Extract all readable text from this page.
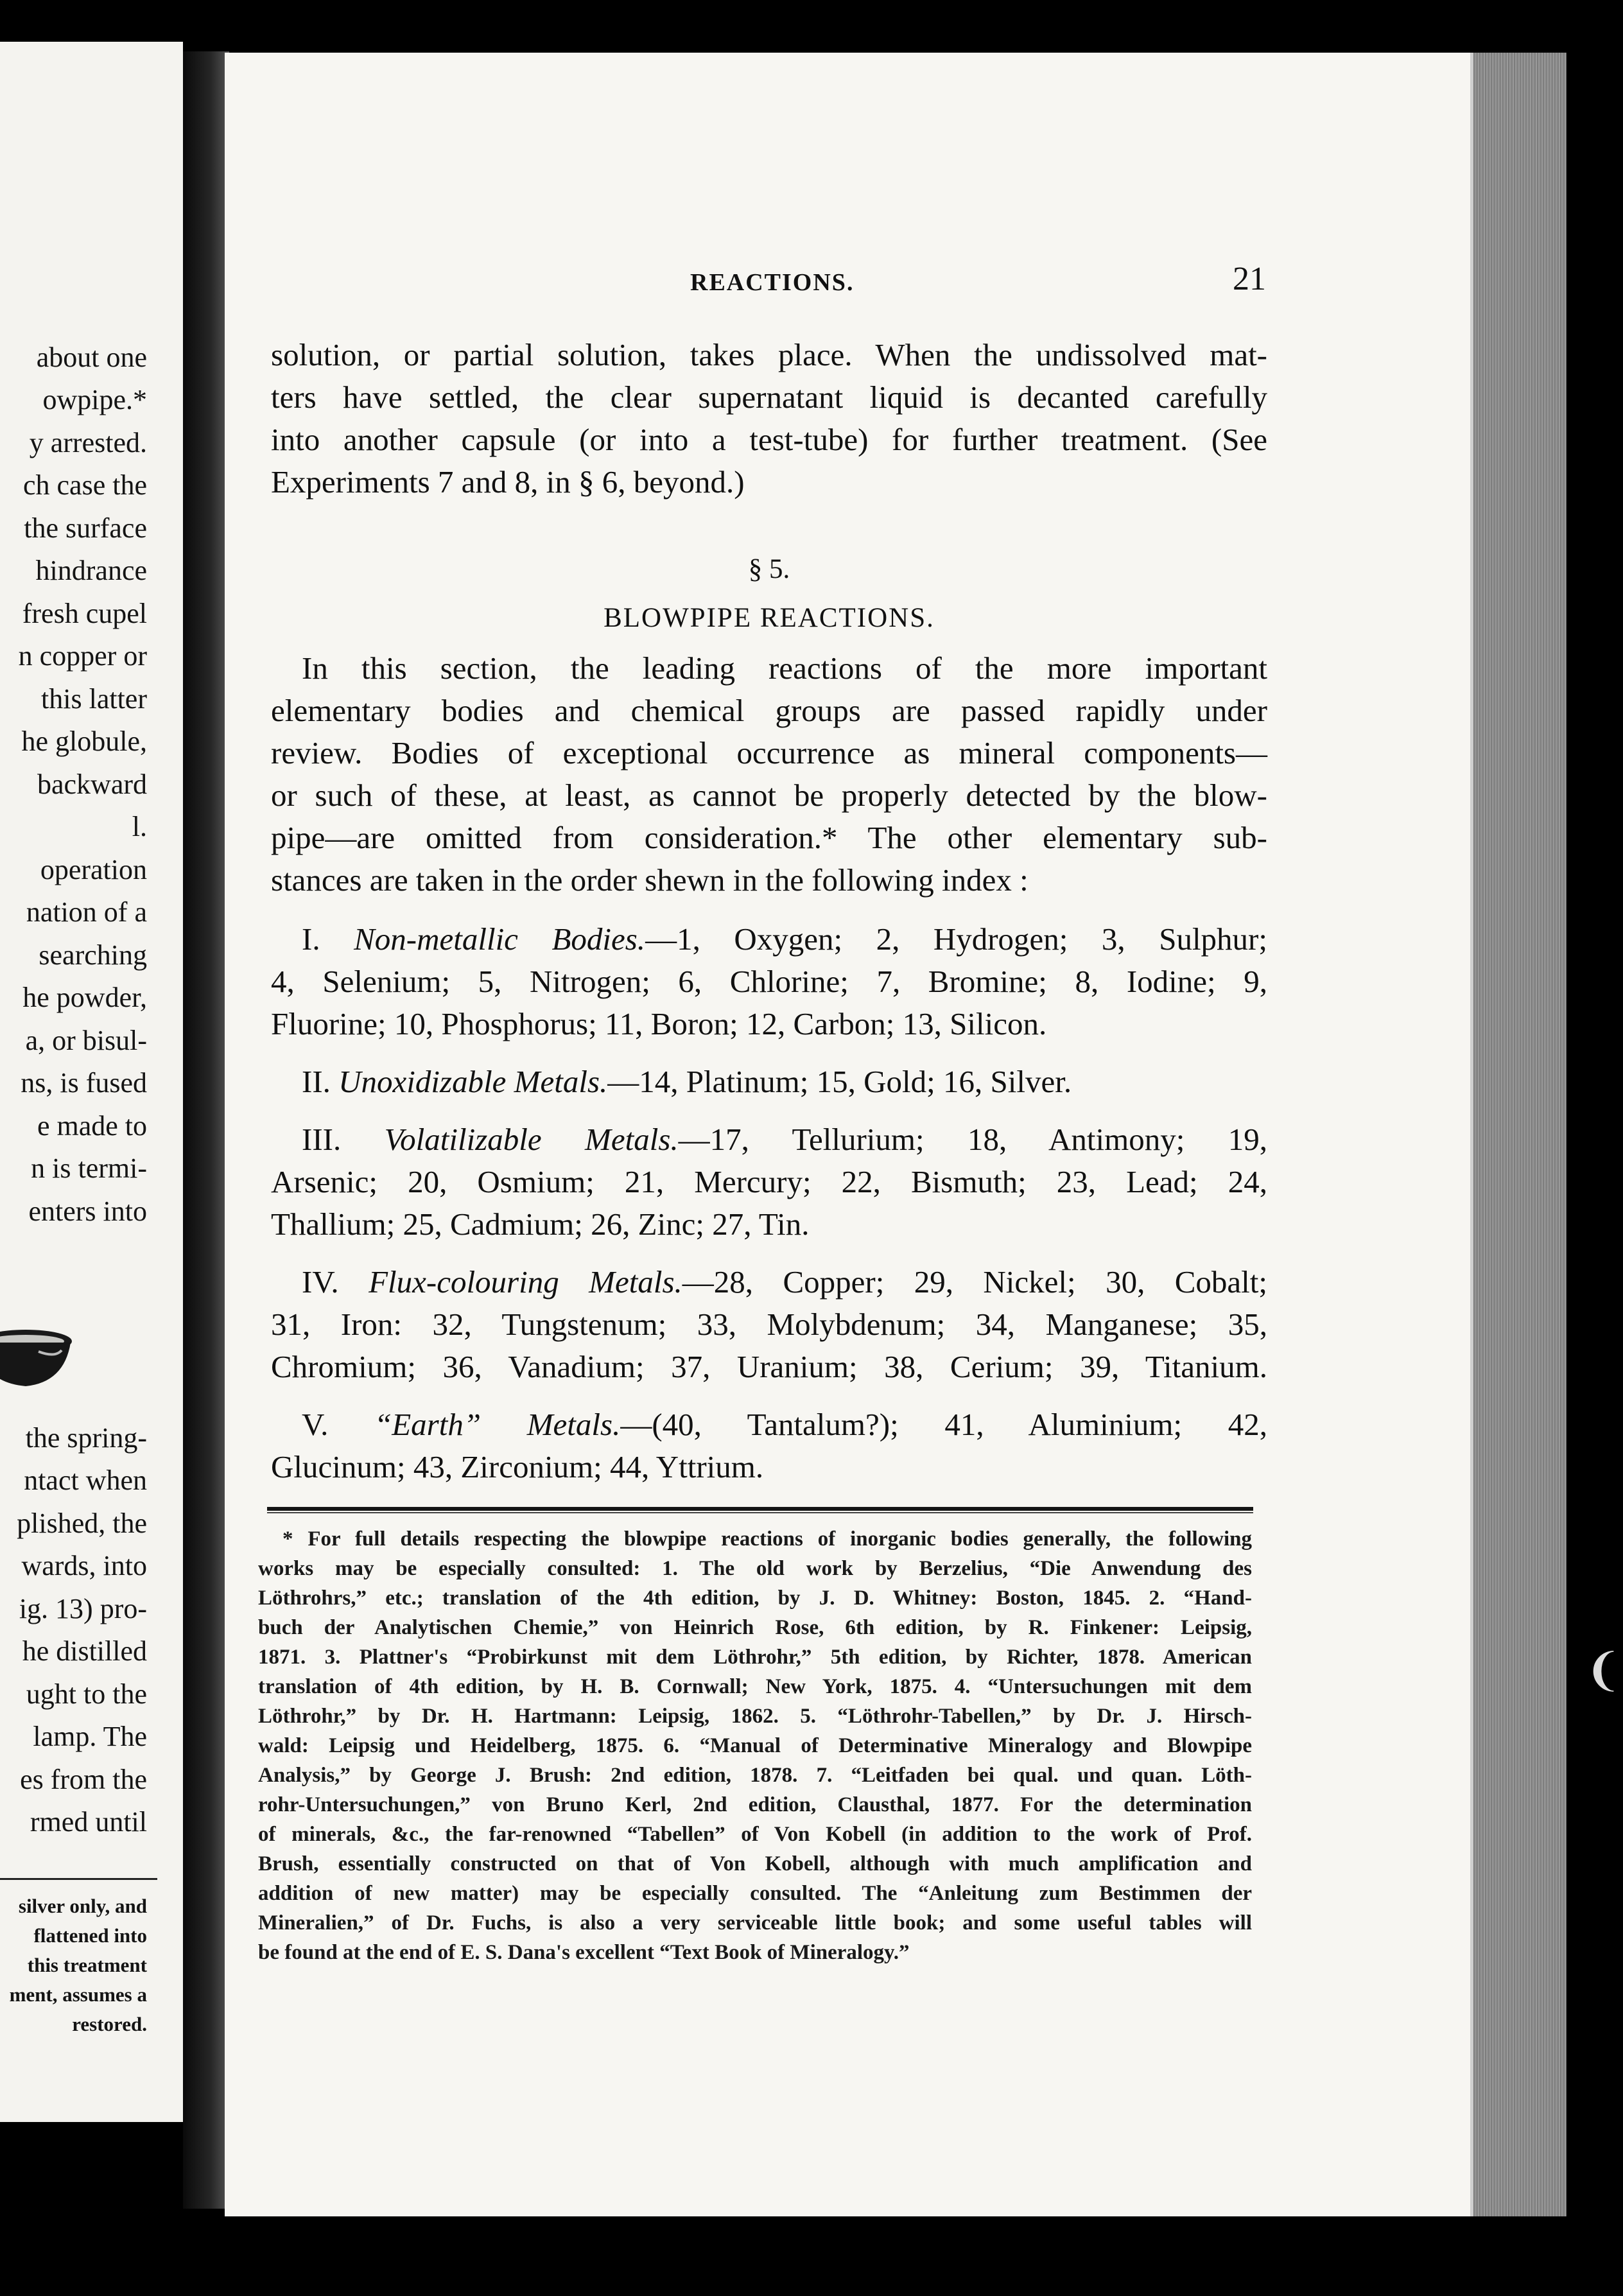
about one
owpipe.*
y arrested.
ch case the
the surface
hindrance
fresh cupel
n copper or
this latter
he globule,
backward
l.
operation
nation of a
searching
he powder,
a, or bisul-
ns, is fused
e made to
n is termi-
enters into
the spring-
ntact when
plished, the
wards, into
ig. 13) pro-
he distilled
ught to the
lamp. The
es from the
rmed until
silver only, and
flattened into
this treatment
ment, assumes a
restored.
❨
REACTIONS.	21
solution, or partial solution, takes place. When the undissolved mat-
ters have settled, the clear supernatant liquid is decanted carefully
into another capsule (or into a test-tube) for further treatment. (See
Experiments 7 and 8, in § 6, beyond.)
§ 5.
BLOWPIPE REACTIONS.
In this section, the leading reactions of the more important
elementary bodies and chemical groups are passed rapidly under
review. Bodies of exceptional occurrence as mineral components—
or such of these, at least, as cannot be properly detected by the blow-
pipe—are omitted from consideration.* The other elementary sub-
stances are taken in the order shewn in the following index :
I. Non-metallic Bodies.—1, Oxygen; 2, Hydrogen; 3, Sulphur;
4, Selenium; 5, Nitrogen; 6, Chlorine; 7, Bromine; 8, Iodine; 9,
Fluorine; 10, Phosphorus; 11, Boron; 12, Carbon; 13, Silicon.
II. Unoxidizable Metals.—14, Platinum; 15, Gold; 16, Silver.
III. Volatilizable Metals.—17, Tellurium; 18, Antimony; 19,
Arsenic; 20, Osmium; 21, Mercury; 22, Bismuth; 23, Lead; 24,
Thallium; 25, Cadmium; 26, Zinc; 27, Tin.
IV. Flux-colouring Metals.—28, Copper; 29, Nickel; 30, Cobalt;
31, Iron: 32, Tungstenum; 33, Molybdenum; 34, Manganese; 35,
Chromium; 36, Vanadium; 37, Uranium; 38, Cerium; 39, Titanium.
V. “Earth” Metals.—(40, Tantalum?); 41, Aluminium; 42,
Glucinum; 43, Zirconium; 44, Yttrium.
* For full details respecting the blowpipe reactions of inorganic bodies generally, the following
works may be especially consulted: 1. The old work by Berzelius, “Die Anwendung des
Löthrohrs,” etc.; translation of the 4th edition, by J. D. Whitney: Boston, 1845. 2. “Hand-
buch der Analytischen Chemie,” von Heinrich Rose, 6th edition, by R. Finkener: Leipsig,
1871. 3. Plattner's “Probirkunst mit dem Löthrohr,” 5th edition, by Richter, 1878. American
translation of 4th edition, by H. B. Cornwall; New York, 1875. 4. “Untersuchungen mit dem
Löthrohr,” by Dr. H. Hartmann: Leipsig, 1862. 5. “Löthrohr-Tabellen,” by Dr. J. Hirsch-
wald: Leipsig und Heidelberg, 1875. 6. “Manual of Determinative Mineralogy and Blowpipe
Analysis,” by George J. Brush: 2nd edition, 1878. 7. “Leitfaden bei qual. und quan. Löth-
rohr-Untersuchungen,” von Bruno Kerl, 2nd edition, Clausthal, 1877. For the determination
of minerals, &c., the far-renowned “Tabellen” of Von Kobell (in addition to the work of Prof.
Brush, essentially constructed on that of Von Kobell, although with much amplification and
addition of new matter) may be especially consulted. The “Anleitung zum Bestimmen der
Mineralien,” of Dr. Fuchs, is also a very serviceable little book; and some useful tables will
be found at the end of E. S. Dana's excellent “Text Book of Mineralogy.”
